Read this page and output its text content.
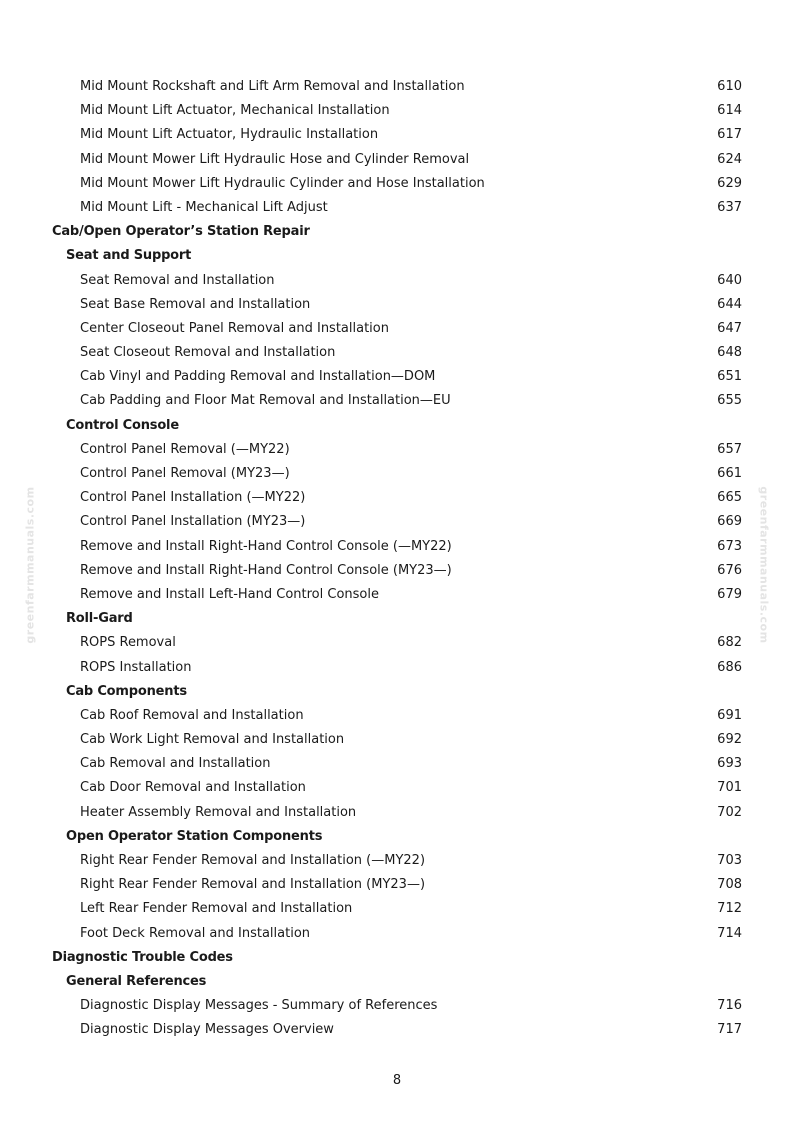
greenfarmmanuals.com	greenfarmmanuals.com
Mid Mount Rockshaft and Lift Arm Removal and Installation	610
Mid Mount Lift Actuator, Mechanical Installation	614
Mid Mount Lift Actuator, Hydraulic Installation	617
Mid Mount Mower Lift Hydraulic Hose and Cylinder Removal	624
Mid Mount Mower Lift Hydraulic Cylinder and Hose Installation	629
Mid Mount Lift - Mechanical Lift Adjust	637
Cab/Open Operator’s Station Repair
Seat and Support
Seat Removal and Installation	640
Seat Base Removal and Installation	644
Center Closeout Panel Removal and Installation	647
Seat Closeout Removal and Installation	648
Cab Vinyl and Padding Removal and Installation—DOM	651
Cab Padding and Floor Mat Removal and Installation—EU	655
Control Console
Control Panel Removal (—MY22)	657
Control Panel Removal (MY23—)	661
Control Panel Installation (—MY22)	665
Control Panel Installation (MY23—)	669
Remove and Install Right-Hand Control Console (—MY22)	673
Remove and Install Right-Hand Control Console (MY23—)	676
Remove and Install Left-Hand Control Console	679
Roll-Gard
ROPS Removal	682
ROPS Installation	686
Cab Components
Cab Roof Removal and Installation	691
Cab Work Light Removal and Installation	692
Cab Removal and Installation	693
Cab Door Removal and Installation	701
Heater Assembly Removal and Installation	702
Open Operator Station Components
Right Rear Fender Removal and Installation (—MY22)	703
Right Rear Fender Removal and Installation (MY23—)	708
Left Rear Fender Removal and Installation	712
Foot Deck Removal and Installation	714
Diagnostic Trouble Codes
General References
Diagnostic Display Messages - Summary of References	716
Diagnostic Display Messages Overview	717
8
